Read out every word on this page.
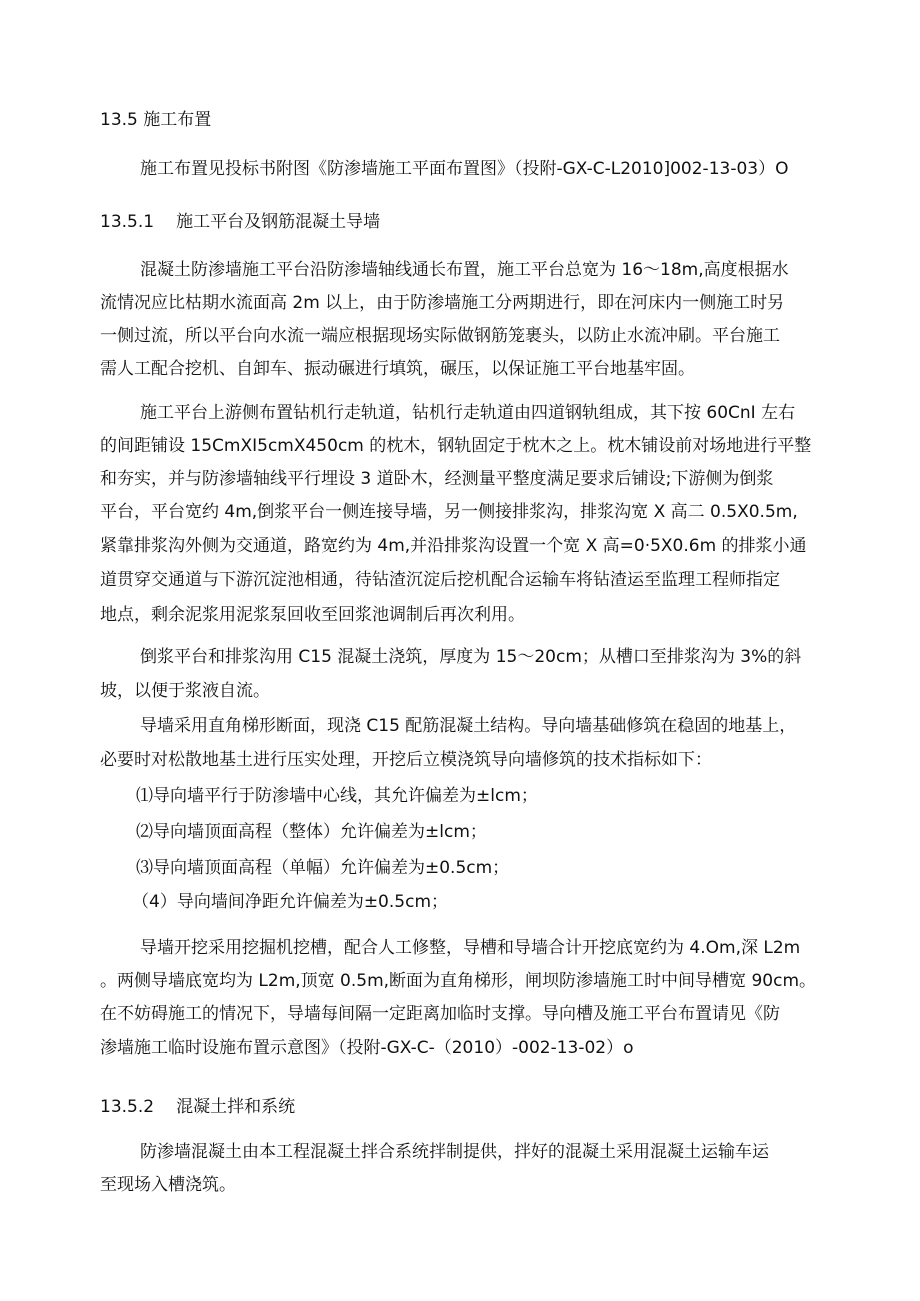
13.5 施工布置

施工布置见投标书附图《防渗墙施工平面布置图》（投附-GX-C-L2010]002-13-03）O

13.5.1 施工平台及钢筋混凝土导墙

混凝土防渗墙施工平台沿防渗墙轴线通长布置，施工平台总宽为 16～18m,高度根据水

流情况应比枯期水流面高 2m 以上，由于防渗墙施工分两期进行，即在河床内一侧施工时另

一侧过流，所以平台向水流一端应根据现场实际做钢筋笼裹头，以防止水流冲刷。平台施工

需人工配合挖机、自卸车、振动碾进行填筑，碾压，以保证施工平台地基牢固。

施工平台上游侧布置钻机行走轨道，钻机行走轨道由四道钢轨组成，其下按 60CnI 左右

的间距铺设 15CmXI5cmX450cm 的枕木，钢轨固定于枕木之上。枕木铺设前对场地进行平整

和夯实，并与防渗墙轴线平行埋设 3 道卧木，经测量平整度满足要求后铺设;下游侧为倒浆

平台，平台宽约 4m,倒浆平台一侧连接导墙，另一侧接排浆沟，排浆沟宽 X 高二 0.5X0.5m,

紧靠排浆沟外侧为交通道，路宽约为 4m,并沿排浆沟设置一个宽 X 高=0·5X0.6m 的排浆小通

道贯穿交通道与下游沉淀池相通，待钻渣沉淀后挖机配合运输车将钻渣运至监理工程师指定

地点，剩余泥浆用泥浆泵回收至回浆池调制后再次利用。

倒浆平台和排浆沟用 C15 混凝土浇筑，厚度为 15～20cm；从槽口至排浆沟为 3%的斜

坡，以便于浆液自流。

导墙采用直角梯形断面，现浇 C15 配筋混凝土结构。导向墙基础修筑在稳固的地基上，

必要时对松散地基土进行压实处理，开挖后立模浇筑导向墙修筑的技术指标如下：

⑴导向墙平行于防渗墙中心线，其允许偏差为±lcm；

⑵导向墙顶面高程（整体）允许偏差为±lcm；

⑶导向墙顶面高程（单幅）允许偏差为±0.5cm；

（4）导向墙间净距允许偏差为±0.5cm；

导墙开挖采用挖掘机挖槽，配合人工修整，导槽和导墙合计开挖底宽约为 4.Om,深 L2m

。两侧导墙底宽均为 L2m,顶宽 0.5m,断面为直角梯形，闸坝防渗墙施工时中间导槽宽 90cm。

在不妨碍施工的情况下，导墙每间隔一定距离加临时支撑。导向槽及施工平台布置请见《防

渗墙施工临时设施布置示意图》（投附-GX-C-（2010）-002-13-02）o

13.5.2 混凝土拌和系统

防渗墙混凝土由本工程混凝土拌合系统拌制提供，拌好的混凝土采用混凝土运输车运

至现场入槽浇筑。
